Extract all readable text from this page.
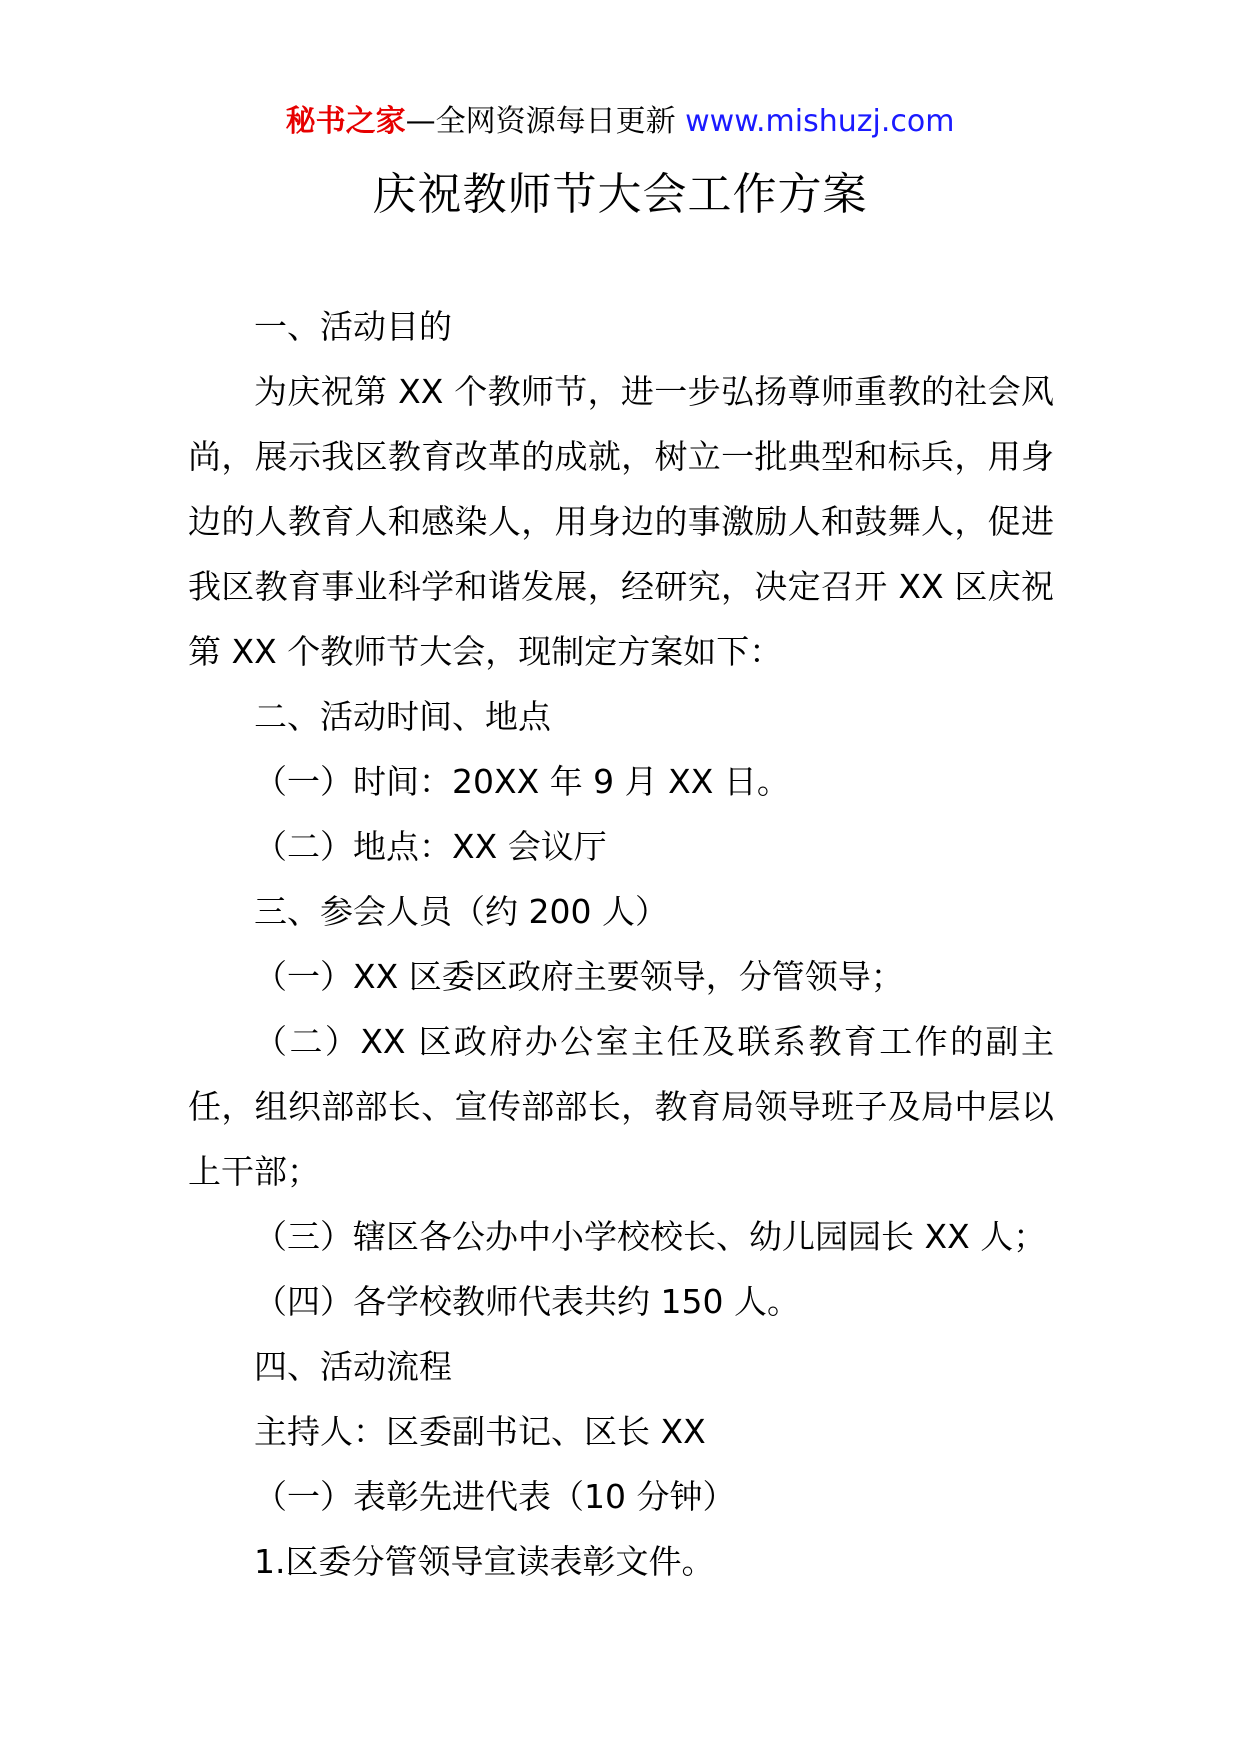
秘书之家—全网资源每日更新 www.mishuzj.com
庆祝教师节大会工作方案

一、活动目的

为庆祝第 XX 个教师节，进一步弘扬尊师重教的社会风尚，展示我区教育改革的成就，树立一批典型和标兵，用身边的人教育人和感染人，用身边的事激励人和鼓舞人，促进我区教育事业科学和谐发展，经研究，决定召开 XX 区庆祝第 XX 个教师节大会，现制定方案如下：

二、活动时间、地点

（一）时间：20XX 年 9 月 XX 日。

（二）地点：XX 会议厅

三、参会人员（约 200 人）

（一）XX 区委区政府主要领导，分管领导；

（二）XX 区政府办公室主任及联系教育工作的副主任，组织部部长、宣传部部长，教育局领导班子及局中层以上干部；

（三）辖区各公办中小学校校长、幼儿园园长 XX 人；

（四）各学校教师代表共约 150 人。

四、活动流程

主持人：区委副书记、区长 XX

（一）表彰先进代表（10 分钟）

1.区委分管领导宣读表彰文件。
